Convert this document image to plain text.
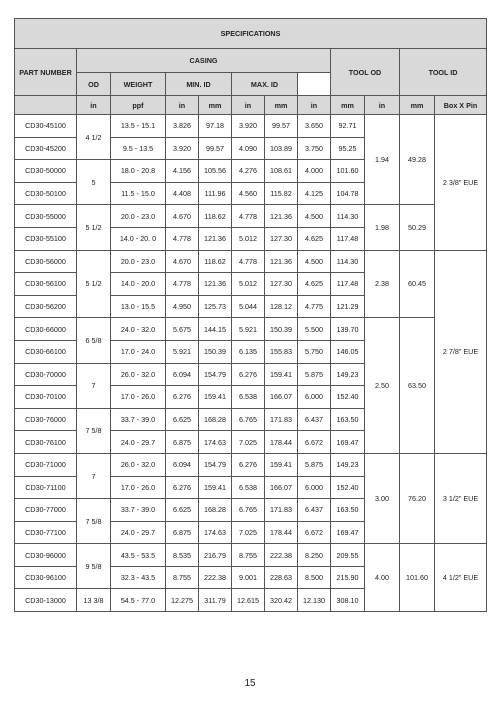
SPECIFICATIONS												
PART NUMBER	CASING							TOOL OD		TOOL ID	
	OD	WEIGHT	MIN. ID		MAX. ID							
	in	ppf	in	mm	in	mm	in	mm	in	mm	Box X Pin	
CD30-45100	4 1/2	13.5 - 15.1	3.826	97.18	3.920	99.57	3.650	92.71	1.94	49.28	2 3/8" EUE	
CD30-45200		9.5 - 13.5	3.920	99.57	4.090	103.89	3.750	95.25				
CD30-50000	5	18.0 - 20.8	4.156	105.56	4.276	108.61	4.000	101.60				
CD30-50100		11.5 - 15.0	4.408	111.96	4.560	115.82	4.125	104.78				
CD30-55000	5 1/2	20.0 - 23.0	4.670	118.62	4.778	121.36	4.500	114.30	1.98	50.29		
CD30-55100		14.0 - 20. 0	4.778	121.36	5.012	127.30	4.625	117.48				
CD30-56000	5 1/2	20.0 - 23.0	4.670	118.62	4.778	121.36	4.500	114.30	2.38	60.45	2 7/8" EUE	
CD30-56100		14.0 - 20.0	4.778	121.36	5.012	127.30	4.625	117.48				
CD30-56200		13.0 - 15.5	4.950	125.73	5.044	128.12	4.775	121.29				
CD30-66000	6 5/8	24.0 - 32.0	5.675	144.15	5.921	150.39	5.500	139.70	2.50	63.50		
CD30-66100		17.0 - 24.0	5.921	150.39	6.135	155.83	5.750	146.05				
CD30-70000	7	26.0 - 32.0	6.094	154.79	6.276	159.41	5.875	149.23				
CD30-70100		17.0 - 26.0	6.276	159.41	6.538	166.07	6.000	152.40				
CD30-76000	7 5/8	33.7 - 39.0	6.625	168.28	6.765	171.83	6.437	163.50				
CD30-76100		24.0 - 29.7	6.875	174.63	7.025	178.44	6.672	169.47				
CD30-71000	7	26.0 - 32.0	6.094	154.79	6.276	159.41	5.875	149.23	3.00	76.20	3 1/2" EUE	
CD30-71100		17.0 - 26.0	6.276	159.41	6.538	166.07	6.000	152.40				
CD30-77000	7 5/8	33.7 - 39.0	6.625	168.28	6.765	171.83	6.437	163.50				
CD30-77100		24.0 - 29.7	6.875	174.63	7.025	178.44	6.672	169.47				
CD30-96000	9 5/8	43.5 - 53.5	8.535	216.79	8.755	222.38	8.250	209.55	4.00	101.60	4 1/2" EUE	
CD30-96100		32.3 - 43.5	8.755	222.38	9.001	228.63	8.500	215.90				
CD30-13000	13 3/8	54.5 - 77.0	12.275	311.79	12.615	320.42	12.130	308.10				
15
